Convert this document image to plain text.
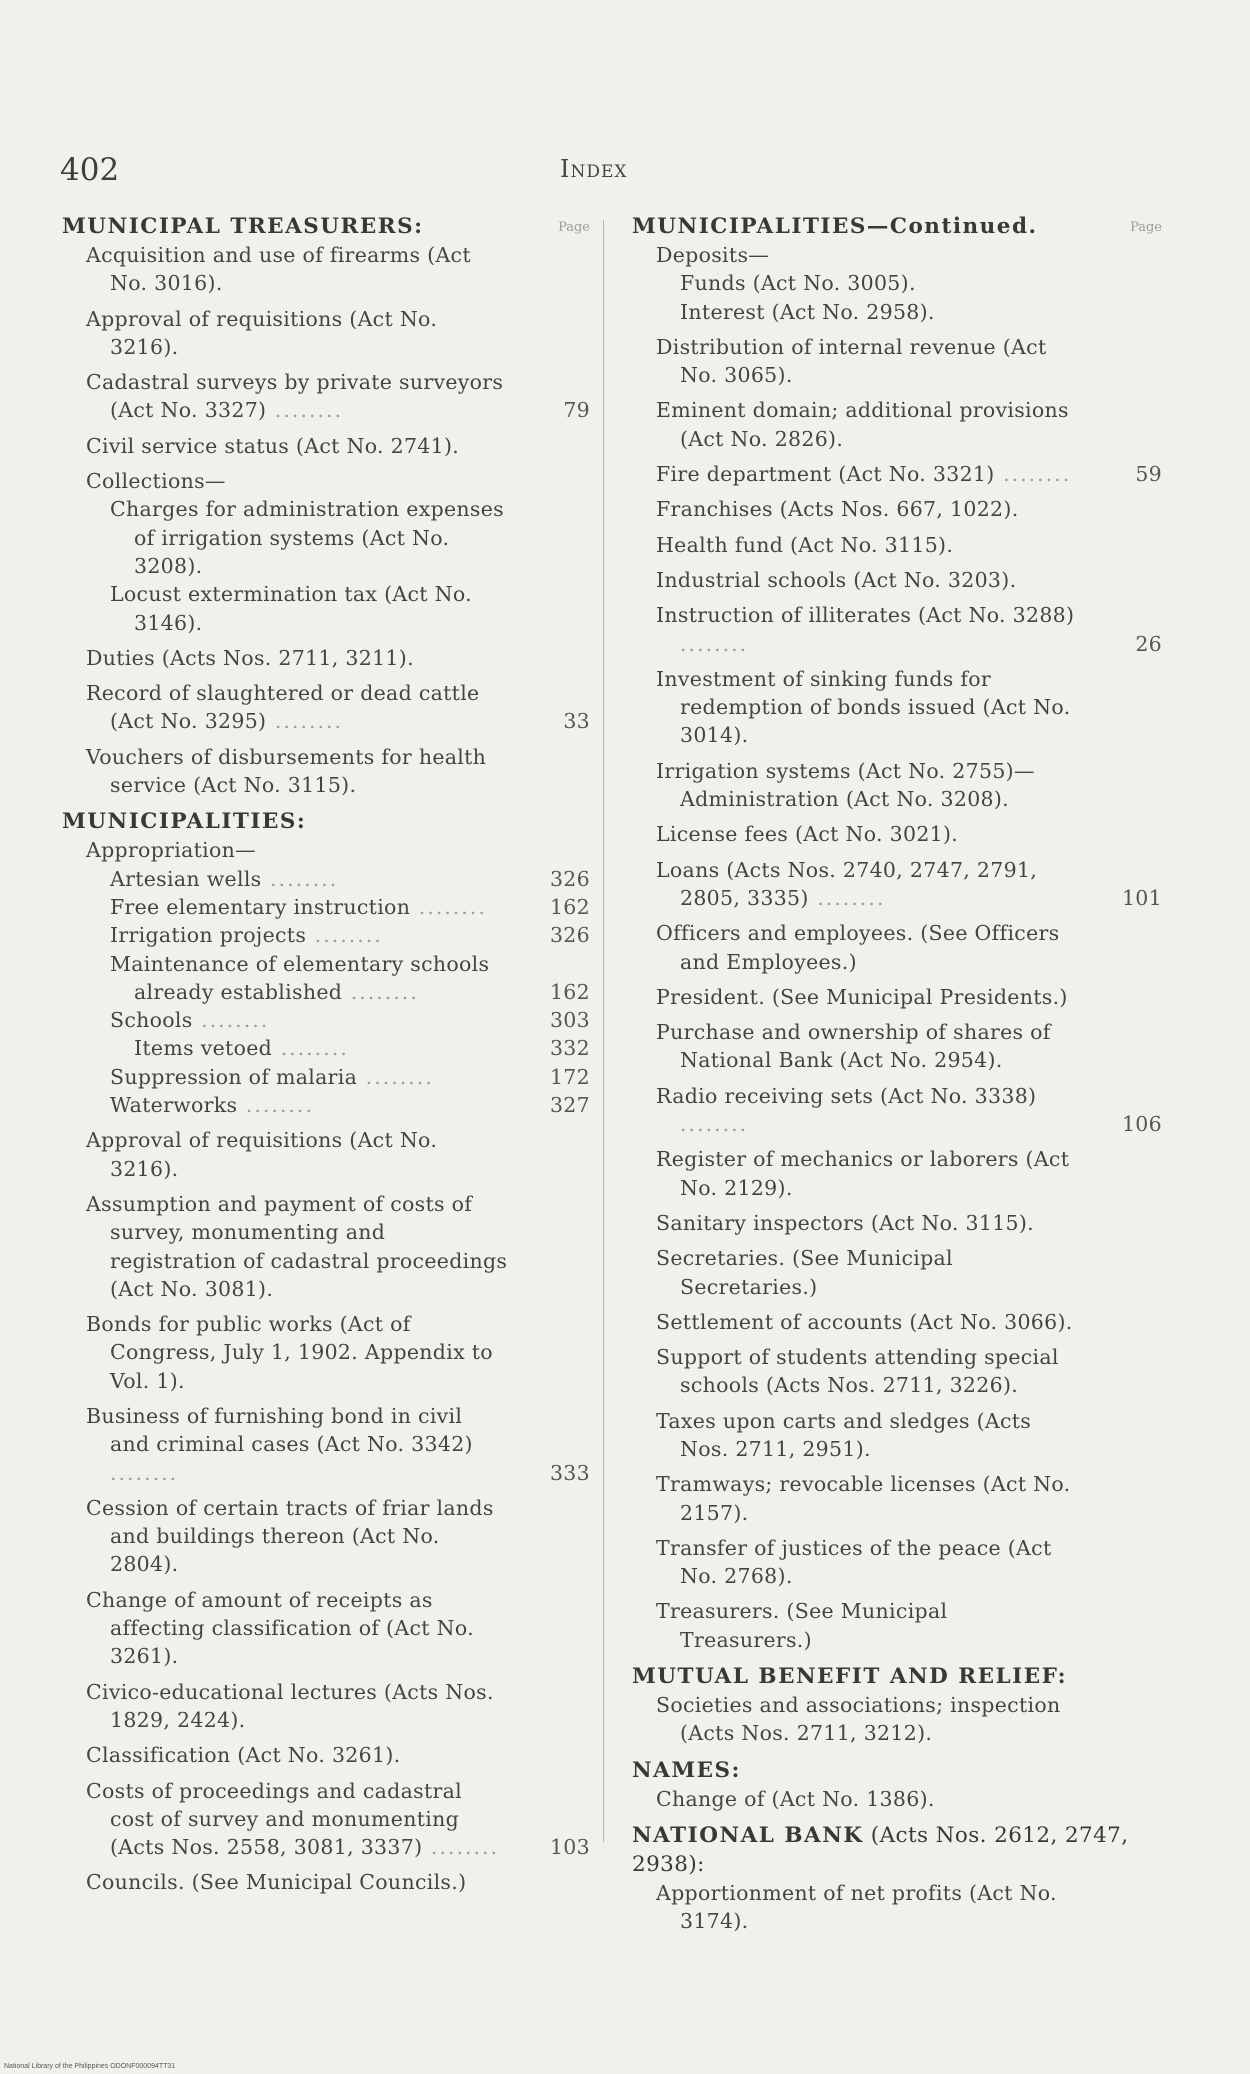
402	Index
Page
MUNICIPAL TREASURERS:
Acquisition and use of firearms (Act No. 3016).
Approval of requisitions (Act No. 3216).
Cadastral surveys by private surveyors (Act No. 3327) ........	79
Civil service status (Act No. 2741).
Collections—
Charges for administration expenses of irrigation systems (Act No. 3208).
Locust extermination tax (Act No. 3146).
Duties (Acts Nos. 2711, 3211).
Record of slaughtered or dead cattle (Act No. 3295) ........	33
Vouchers of disbursements for health service (Act No. 3115).
MUNICIPALITIES:
Appropriation—
Artesian wells ........	326
Free elementary instruction ........	162
Irrigation projects ........	326
Maintenance of elementary schools already established ........	162
Schools ........	303
Items vetoed ........	332
Suppression of malaria ........	172
Waterworks ........	327
Approval of requisitions (Act No. 3216).
Assumption and payment of costs of survey, monumenting and registration of cadastral proceedings (Act No. 3081).
Bonds for public works (Act of Congress, July 1, 1902. Appendix to Vol. 1).
Business of furnishing bond in civil and criminal cases (Act No. 3342) ........	333
Cession of certain tracts of friar lands and buildings thereon (Act No. 2804).
Change of amount of receipts as affecting classification of (Act No. 3261).
Civico-educational lectures (Acts Nos. 1829, 2424).
Classification (Act No. 3261).
Costs of proceedings and cadastral cost of survey and monumenting (Acts Nos. 2558, 3081, 3337) ........	103
Councils. (See Municipal Councils.)
Page
MUNICIPALITIES—Continued.
Deposits—
Funds (Act No. 3005).
Interest (Act No. 2958).
Distribution of internal revenue (Act No. 3065).
Eminent domain; additional provisions (Act No. 2826).
Fire department (Act No. 3321) ........	59
Franchises (Acts Nos. 667, 1022).
Health fund (Act No. 3115).
Industrial schools (Act No. 3203).
Instruction of illiterates (Act No. 3288) ........	26
Investment of sinking funds for redemption of bonds issued (Act No. 3014).
Irrigation systems (Act No. 2755)—
Administration (Act No. 3208).
License fees (Act No. 3021).
Loans (Acts Nos. 2740, 2747, 2791, 2805, 3335) ........	101
Officers and employees. (See Officers and Employees.)
President. (See Municipal Presidents.)
Purchase and ownership of shares of National Bank (Act No. 2954).
Radio receiving sets (Act No. 3338) ........	106
Register of mechanics or laborers (Act No. 2129).
Sanitary inspectors (Act No. 3115).
Secretaries. (See Municipal Secretaries.)
Settlement of accounts (Act No. 3066).
Support of students attending special schools (Acts Nos. 2711, 3226).
Taxes upon carts and sledges (Acts Nos. 2711, 2951).
Tramways; revocable licenses (Act No. 2157).
Transfer of justices of the peace (Act No. 2768).
Treasurers. (See Municipal Treasurers.)
MUTUAL BENEFIT AND RELIEF:
Societies and associations; inspection (Acts Nos. 2711, 3212).
NAMES:
Change of (Act No. 1386).
NATIONAL BANK (Acts Nos. 2612, 2747, 2938):
Apportionment of net profits (Act No. 3174).
National Library of the Philippines ODONF000094TT31
